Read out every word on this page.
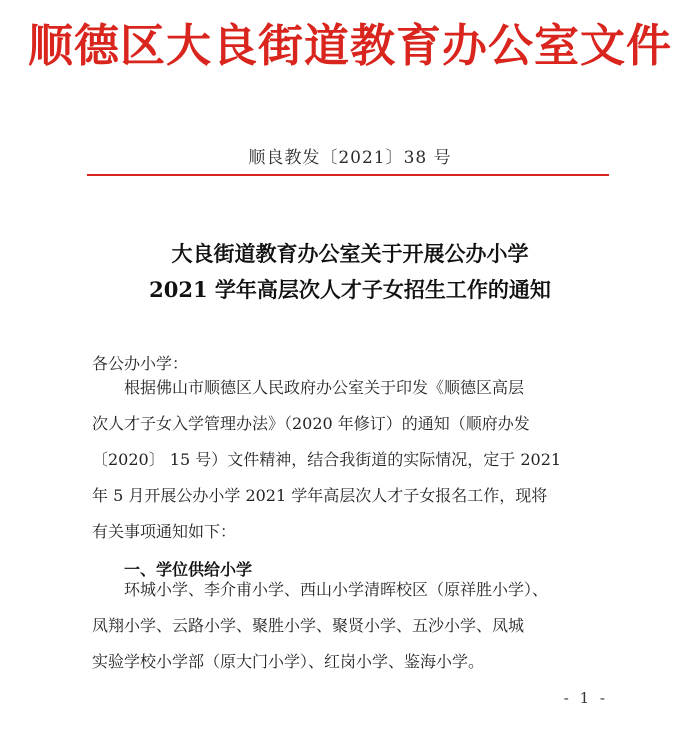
顺德区大良街道教育办公室文件
顺良教发〔2021〕38 号
大良街道教育办公室关于开展公办小学
2021 学年高层次人才子女招生工作的通知
各公办小学：
根据佛山市顺德区人民政府办公室关于印发《顺德区高层
次人才子女入学管理办法》（2020 年修订）的通知（顺府办发
〔2020〕 15 号）文件精神，结合我街道的实际情况，定于 2021
年 5 月开展公办小学 2021 学年高层次人才子女报名工作，现将
有关事项通知如下：
一、学位供给小学
环城小学、李介甫小学、西山小学清晖校区（原祥胜小学）、
凤翔小学、云路小学、聚胜小学、聚贤小学、五沙小学、凤城
实验学校小学部（原大门小学）、红岗小学、鉴海小学。
- 1 -
